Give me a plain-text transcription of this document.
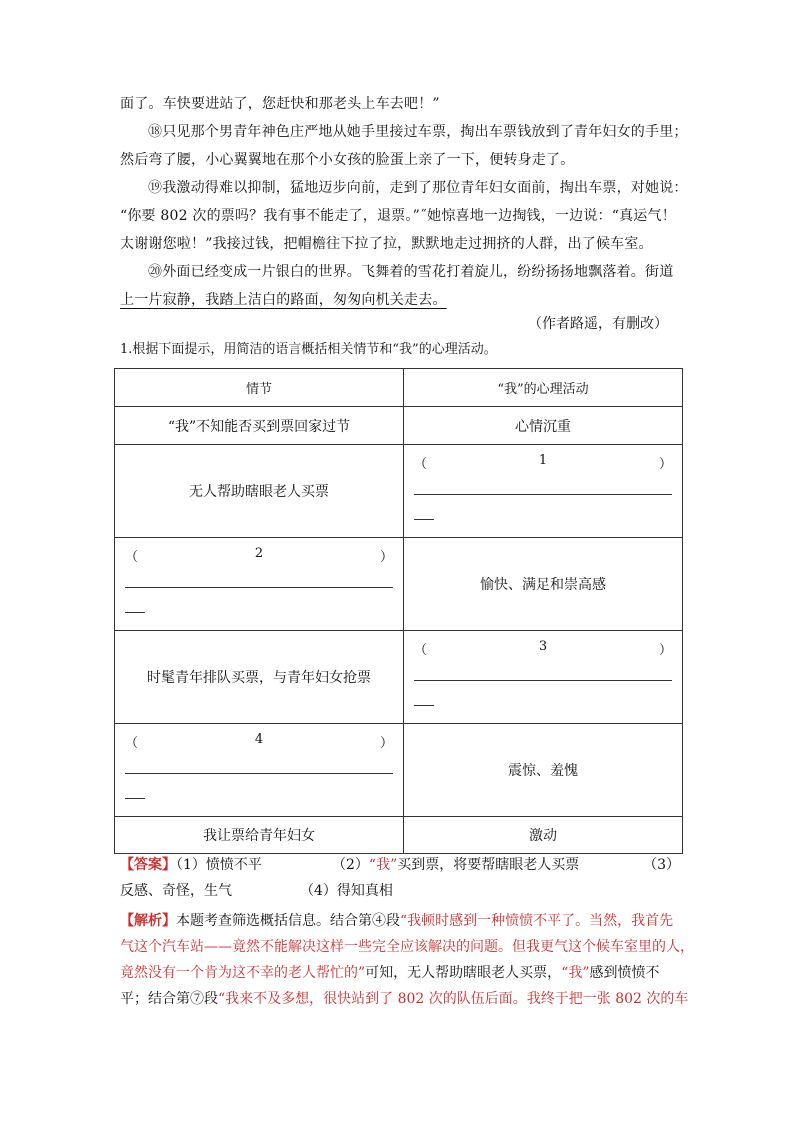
面了。车快要进站了，您赶快和那老头上车去吧！”
⑱只见那个男青年神色庄严地从她手里接过车票，掏出车票钱放到了青年妇女的手里；
然后弯了腰，小心翼翼地在那个小女孩的脸蛋上亲了一下，便转身走了。
⑲我激动得难以抑制，猛地迈步向前，走到了那位青年妇女面前，掏出车票，对她说：
“你要 802 次的票吗？我有事不能走了，退票。”˝她惊喜地一边掏钱，一边说：“真运气！
太谢谢您啦！”我接过钱，把帽檐往下拉了拉，默默地走过拥挤的人群，出了候车室。
⑳外面已经变成一片银白的世界。飞舞着的雪花打着旋儿，纷纷扬扬地飘落着。街道
上一片寂静，我踏上洁白的路面，匆匆向机关走去。
（作者路遥，有删改）
1.根据下面提示，用简洁的语言概括相关情节和“我”的心理活动。
情节	“我”的心理活动
“我”不知能否买到票回家过节	心情沉重
无人帮助瞎眼老人买票	（ 1 ）

（ 2 ）	愉快、满足和崇高感
时髦青年排队买票，与青年妇女抢票	（ 3 ）

（ 4 ）	震惊、羞愧
我让票给青年妇女	激动
【答案】（1）愤愤不平	（2）“我”买到票，将要帮瞎眼老人买票	（3）
反感、奇怪，生气	（4）得知真相
【解析】本题考查筛选概括信息。结合第④段“我顿时感到一种愤愤不平了。当然，我首先
气这个汽车站——竟然不能解决这样一些完全应该解决的问题。但我更气这个候车室里的人，
竟然没有一个肯为这不幸的老人帮忙的”可知，无人帮助瞎眼老人买票，“我”感到愤愤不
平；结合第⑦段“我来不及多想，很快站到了 802 次的队伍后面。我终于把一张 802 次的车
